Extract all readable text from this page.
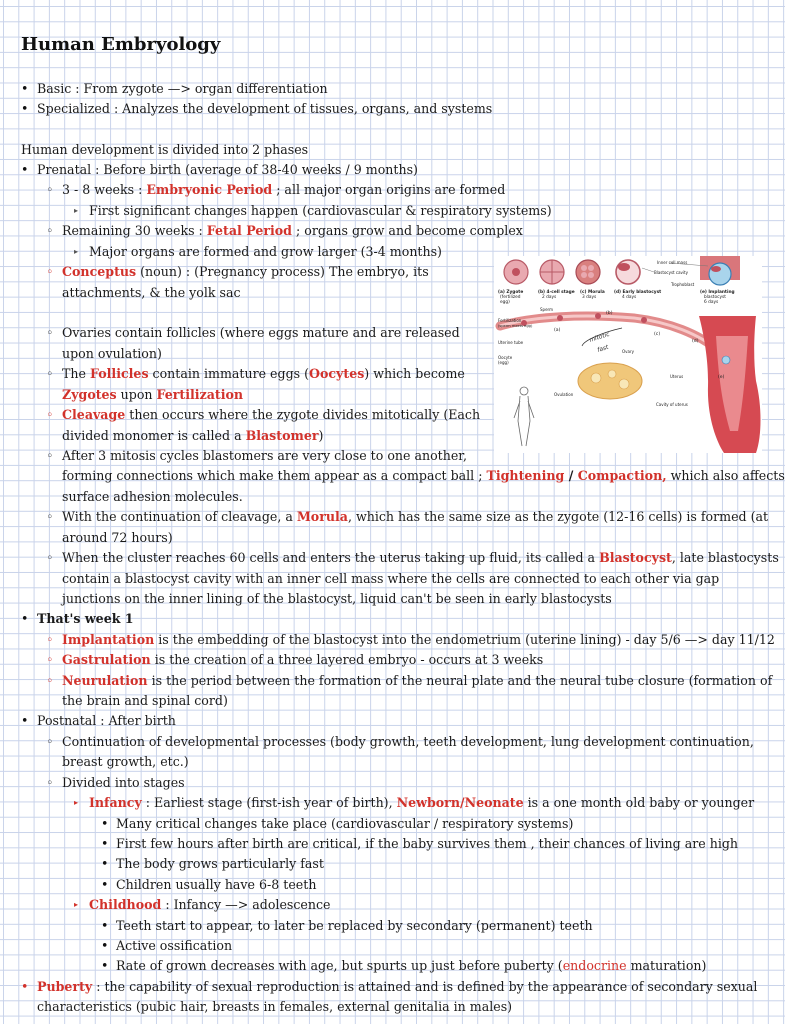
Human Embryology
• Basic : From zygote —> organ differentiation
• Specialized : Analyzes the development of tissues, organs, and systems
Human development is divided into 2 phases
• Prenatal : Before birth (average of 38-40 weeks / 9 months)
◦ 3 - 8 weeks : Embryonic Period ; all major organ origins are formed
▸ First significant changes happen (cardiovascular & respiratory systems)
◦ Remaining 30 weeks : Fetal Period ; organs grow and become complex
▸ Major organs are formed and grow larger (3-4 months)
◦ Conceptus (noun) : (Pregnancy process) The embryo, its
attachments, & the yolk sac
◦ Ovaries contain follicles (where eggs mature and are released
upon ovulation)
◦ The Follicles contain immature eggs (Oocytes) which become
Zygotes upon Fertilization
◦ Cleavage then occurs where the zygote divides mitotically (Each
divided monomer is called a Blastomer)
◦ After 3 mitosis cycles blastomers are very close to one another,
forming connections which make them appear as a compact ball ; Tightening / Compaction, which also affects
surface adhesion molecules.
◦ With the continuation of cleavage, a Morula, which has the same size as the zygote (12-16 cells) is formed (at
around 72 hours)
◦ When the cluster reaches 60 cells and enters the uterus taking up fluid, its called a Blastocyst, late blastocysts
contain a blastocyst cavity with an inner cell mass where the cells are connected to each other via gap
junctions on the inner lining of the blastocyst, liquid can't be seen in early blastocysts
• That's week 1
◦ Implantation is the embedding of the blastocyst into the endometrium (uterine lining) - day 5/6 —> day 11/12
◦ Gastrulation is the creation of a three layered embryo - occurs at 3 weeks
◦ Neurulation is the period between the formation of the neural plate and the neural tube closure (formation of
the brain and spinal cord)
• Postnatal : After birth
◦ Continuation of developmental processes (body growth, teeth development, lung development continuation,
breast growth, etc.)
◦ Divided into stages
▸ Infancy : Earliest stage (first-ish year of birth), Newborn/Neonate is a one month old baby or younger
• Many critical changes take place (cardiovascular / respiratory systems)
• First few hours after birth are critical, if the baby survives them , their chances of living are high
• The body grows particularly fast
• Children usually have 6-8 teeth
▸ Childhood : Infancy —> adolescence
• Teeth start to appear, to later be replaced by secondary (permanent) teeth
• Active ossification
• Rate of grown decreases with age, but spurts up just before puberty (endocrine maturation)
• Puberty : the capability of sexual reproduction is attained and is defined by the appearance of secondary sexual
characteristics (pubic hair, breasts in females, external genitalia in males)
(a) Zygote
(fertilized
egg)
(b) 4-cell stage
2 days
(c) Morula
3 days
(d) Early blastocyst
4 days
(e) Implanting
blastocyst
6 days
Inner cell mass
Blastocyst cavity
Trophoblast
(a)
(b)
(c)
(d)
(e)
Sperm
Fertilization
(sperm meets egg)
Uterine tube
Oocyte
(egg)
Ovary
Ovulation
Uterus
Cavity of uterus
mitotic
fast
